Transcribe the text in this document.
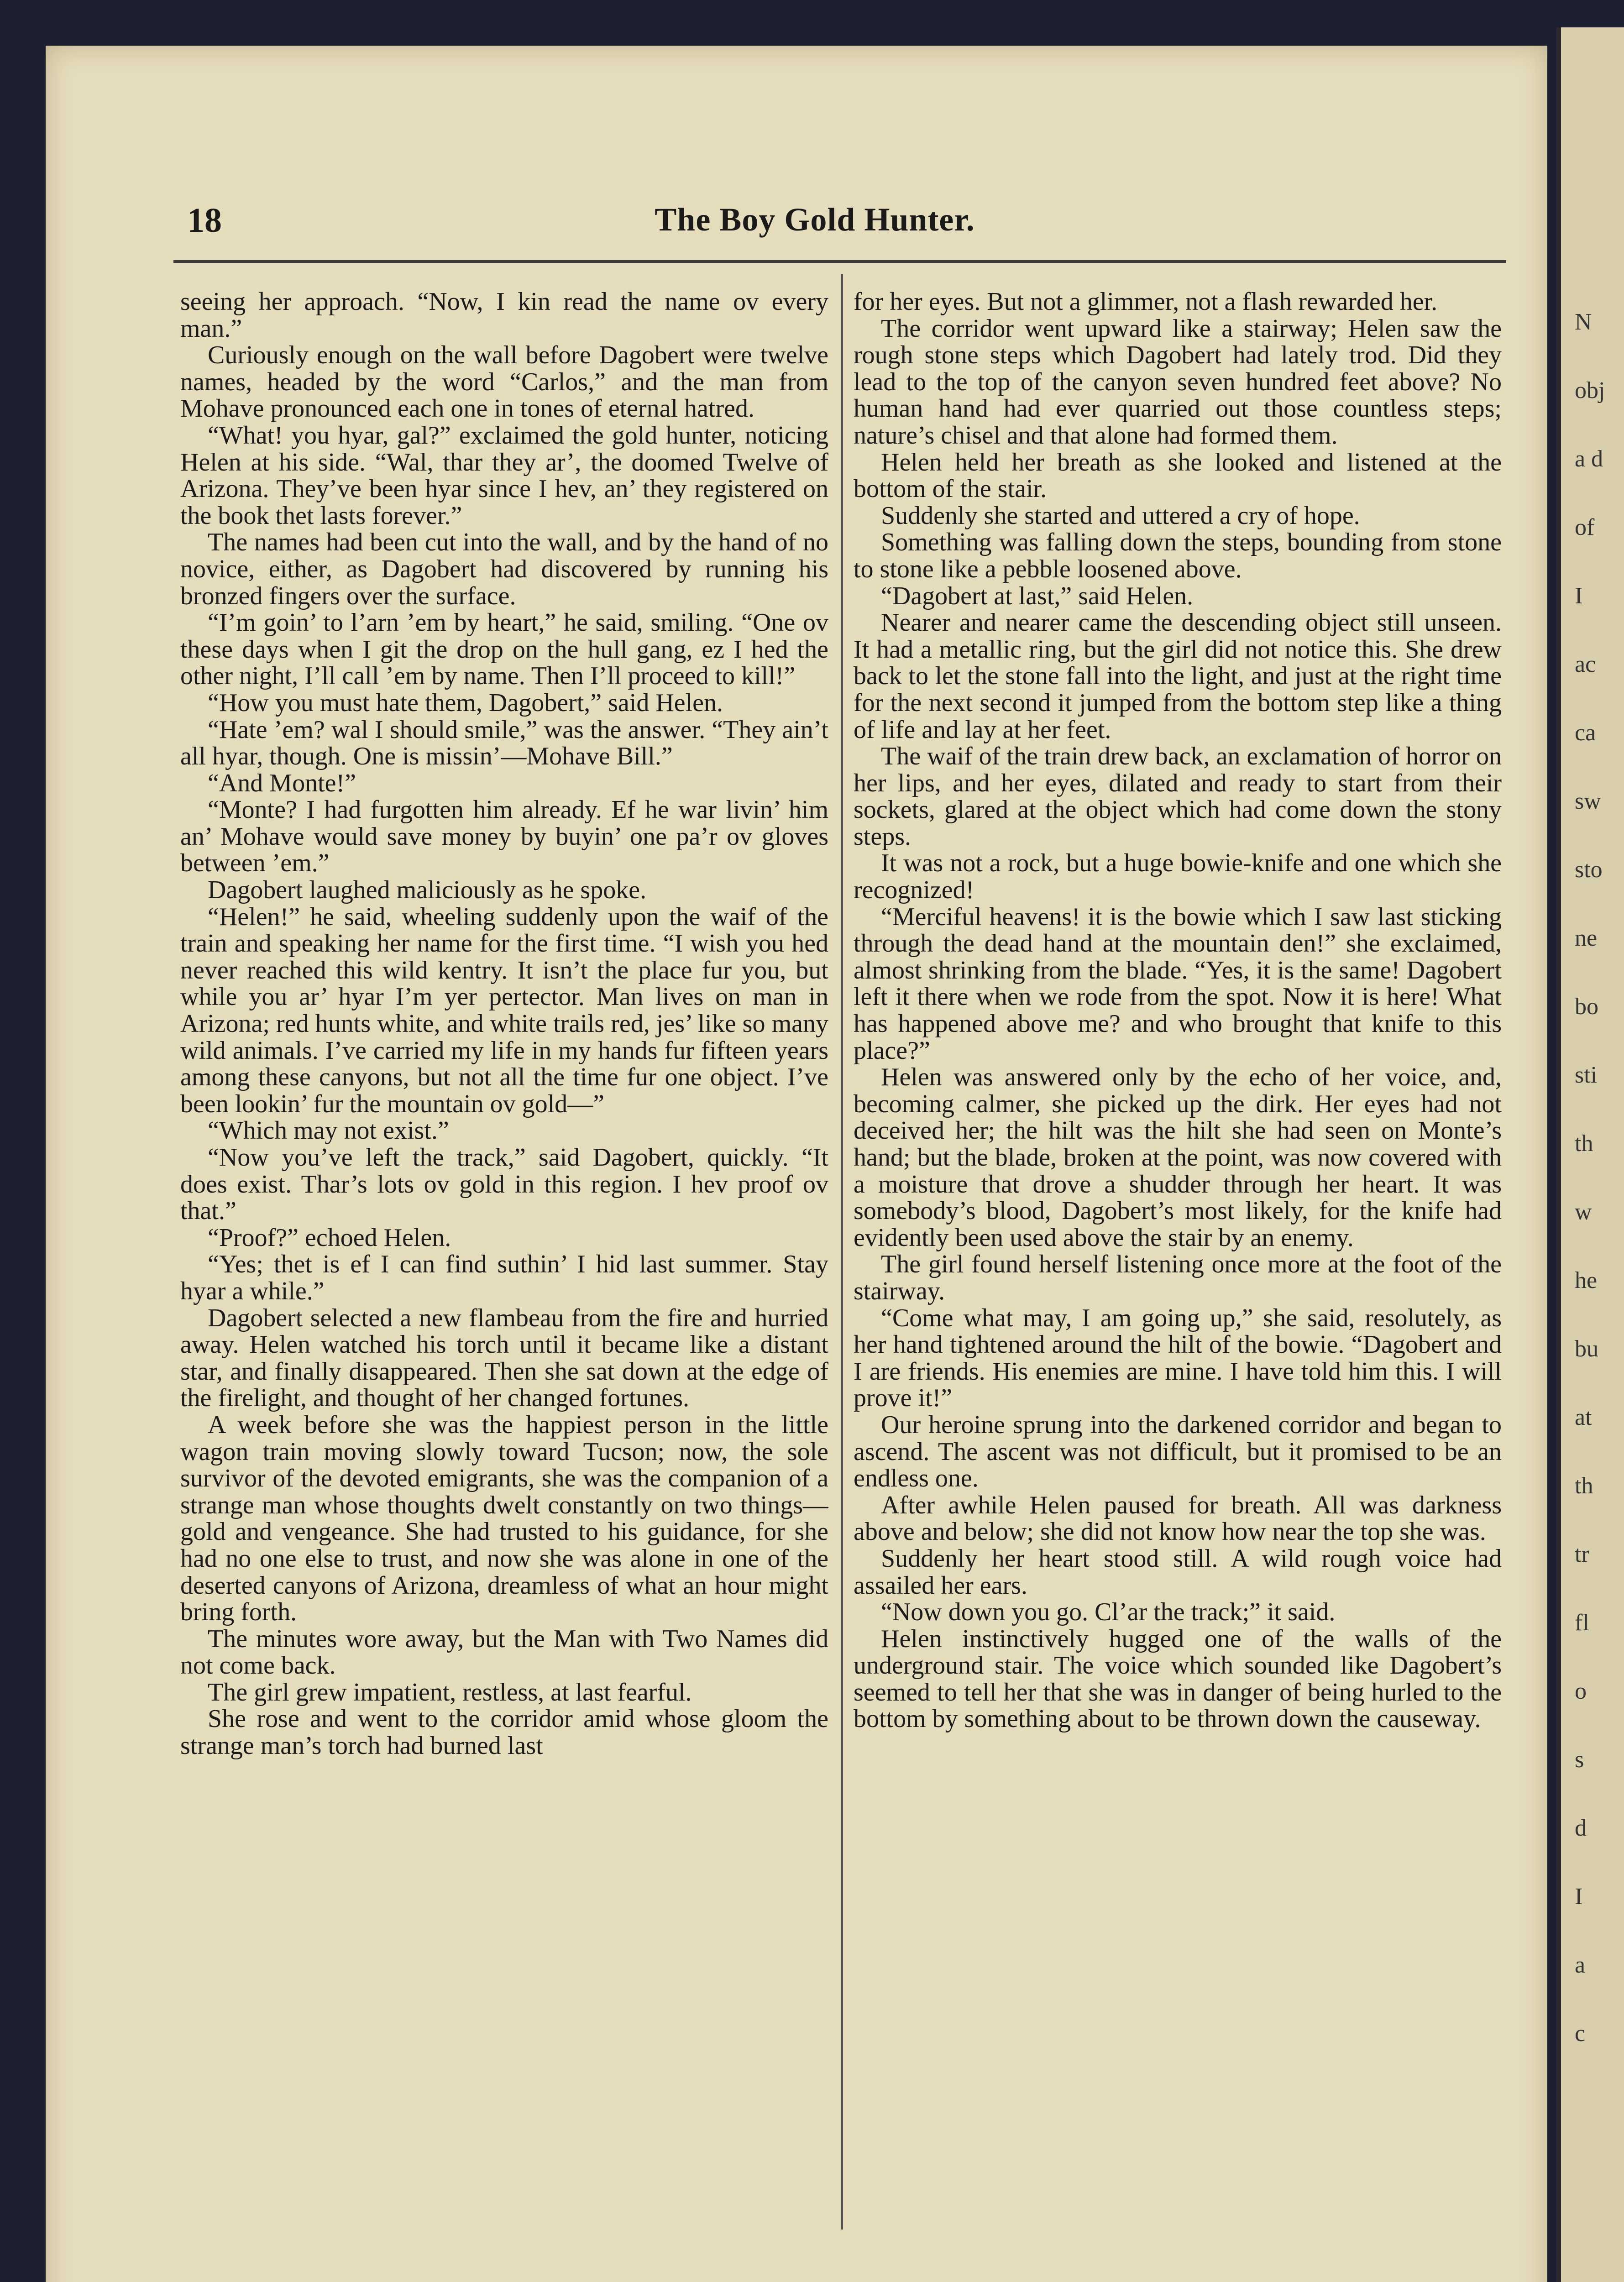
N
obj
a d
of
I
ac
ca
sw
sto
ne
bo
sti
th
w
he
bu
at
th
tr
fl
o
s
d
I
a
c
18	The Boy Gold Hunter.

seeing her approach. “Now, I kin read the name ov every man.”

Curiously enough on the wall before Dagobert were twelve names, headed by the word “Carlos,” and the man from Mohave pronounced each one in tones of eternal hatred.

“What! you hyar, gal?” exclaimed the gold hunter, noticing Helen at his side. “Wal, thar they ar’, the doomed Twelve of Arizona. They’ve been hyar since I hev, an’ they registered on the book thet lasts forever.”

The names had been cut into the wall, and by the hand of no novice, either, as Dagobert had discovered by running his bronzed fingers over the surface.

“I’m goin’ to l’arn ’em by heart,” he said, smiling. “One ov these days when I git the drop on the hull gang, ez I hed the other night, I’ll call ’em by name. Then I’ll proceed to kill!”

“How you must hate them, Dagobert,” said Helen.

“Hate ’em? wal I should smile,” was the answer. “They ain’t all hyar, though. One is missin’—Mohave Bill.”

“And Monte!”

“Monte? I had furgotten him already. Ef he war livin’ him an’ Mohave would save money by buyin’ one pa’r ov gloves between ’em.”

Dagobert laughed maliciously as he spoke.

“Helen!” he said, wheeling suddenly upon the waif of the train and speaking her name for the first time. “I wish you hed never reached this wild kentry. It isn’t the place fur you, but while you ar’ hyar I’m yer pertector. Man lives on man in Arizona; red hunts white, and white trails red, jes’ like so many wild animals. I’ve carried my life in my hands fur fifteen years among these canyons, but not all the time fur one object. I’ve been lookin’ fur the mountain ov gold—”

“Which may not exist.”

“Now you’ve left the track,” said Dagobert, quickly. “It does exist. Thar’s lots ov gold in this region. I hev proof ov that.”

“Proof?” echoed Helen.

“Yes; thet is ef I can find suthin’ I hid last summer. Stay hyar a while.”

Dagobert selected a new flambeau from the fire and hurried away. Helen watched his torch until it became like a distant star, and finally disappeared. Then she sat down at the edge of the firelight, and thought of her changed fortunes.

A week before she was the happiest person in the little wagon train moving slowly toward Tucson; now, the sole survivor of the devoted emigrants, she was the companion of a strange man whose thoughts dwelt constantly on two things—gold and vengeance. She had trusted to his guidance, for she had no one else to trust, and now she was alone in one of the deserted canyons of Arizona, dreamless of what an hour might bring forth.

The minutes wore away, but the Man with Two Names did not come back.

The girl grew impatient, restless, at last fearful.

She rose and went to the corridor amid whose gloom the strange man’s torch had burned last

for her eyes. But not a glimmer, not a flash rewarded her.

The corridor went upward like a stairway; Helen saw the rough stone steps which Dagobert had lately trod. Did they lead to the top of the canyon seven hundred feet above? No human hand had ever quarried out those countless steps; nature’s chisel and that alone had formed them.

Helen held her breath as she looked and listened at the bottom of the stair.

Suddenly she started and uttered a cry of hope.

Something was falling down the steps, bounding from stone to stone like a pebble loosened above.

“Dagobert at last,” said Helen.

Nearer and nearer came the descending object still unseen. It had a metallic ring, but the girl did not notice this. She drew back to let the stone fall into the light, and just at the right time for the next second it jumped from the bottom step like a thing of life and lay at her feet.

The waif of the train drew back, an exclamation of horror on her lips, and her eyes, dilated and ready to start from their sockets, glared at the object which had come down the stony steps.

It was not a rock, but a huge bowie-knife and one which she recognized!

“Merciful heavens! it is the bowie which I saw last sticking through the dead hand at the mountain den!” she exclaimed, almost shrinking from the blade. “Yes, it is the same! Dagobert left it there when we rode from the spot. Now it is here! What has happened above me? and who brought that knife to this place?”

Helen was answered only by the echo of her voice, and, becoming calmer, she picked up the dirk. Her eyes had not deceived her; the hilt was the hilt she had seen on Monte’s hand; but the blade, broken at the point, was now covered with a moisture that drove a shudder through her heart. It was somebody’s blood, Dagobert’s most likely, for the knife had evidently been used above the stair by an enemy.

The girl found herself listening once more at the foot of the stairway.

“Come what may, I am going up,” she said, resolutely, as her hand tightened around the hilt of the bowie. “Dagobert and I are friends. His enemies are mine. I have told him this. I will prove it!”

Our heroine sprung into the darkened corridor and began to ascend. The ascent was not difficult, but it promised to be an endless one.

After awhile Helen paused for breath. All was darkness above and below; she did not know how near the top she was.

Suddenly her heart stood still. A wild rough voice had assailed her ears.

“Now down you go. Cl’ar the track;” it said.

Helen instinctively hugged one of the walls of the underground stair. The voice which sounded like Dagobert’s seemed to tell her that she was in danger of being hurled to the bottom by something about to be thrown down the causeway.
